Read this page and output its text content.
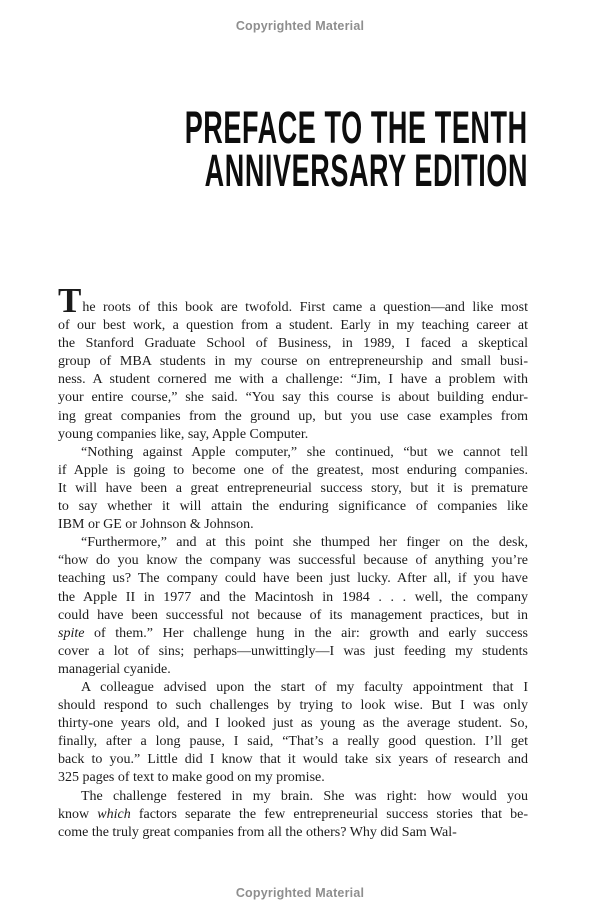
Copyrighted Material
PREFACE TO THE TENTH
ANNIVERSARY EDITION
The roots of this book are twofold. First came a question—and like most
of our best work, a question from a student. Early in my teaching career at
the Stanford Graduate School of Business, in 1989, I faced a skeptical
group of MBA students in my course on entrepreneurship and small busi-
ness. A student cornered me with a challenge: “Jim, I have a problem with
your entire course,” she said. “You say this course is about building endur-
ing great companies from the ground up, but you use case examples from
young companies like, say, Apple Computer.
“Nothing against Apple computer,” she continued, “but we cannot tell
if Apple is going to become one of the greatest, most enduring companies.
It will have been a great entrepreneurial success story, but it is premature
to say whether it will attain the enduring significance of companies like
IBM or GE or Johnson & Johnson.
“Furthermore,” and at this point she thumped her finger on the desk,
“how do you know the company was successful because of anything you’re
teaching us? The company could have been just lucky. After all, if you have
the Apple II in 1977 and the Macintosh in 1984 . . . well, the company
could have been successful not because of its management practices, but in
spite of them.” Her challenge hung in the air: growth and early success
cover a lot of sins; perhaps—unwittingly—I was just feeding my students
managerial cyanide.
A colleague advised upon the start of my faculty appointment that I
should respond to such challenges by trying to look wise. But I was only
thirty-one years old, and I looked just as young as the average student. So,
finally, after a long pause, I said, “That’s a really good question. I’ll get
back to you.” Little did I know that it would take six years of research and
325 pages of text to make good on my promise.
The challenge festered in my brain. She was right: how would you
know which factors separate the few entrepreneurial success stories that be-
come the truly great companies from all the others? Why did Sam Wal-
Copyrighted Material
